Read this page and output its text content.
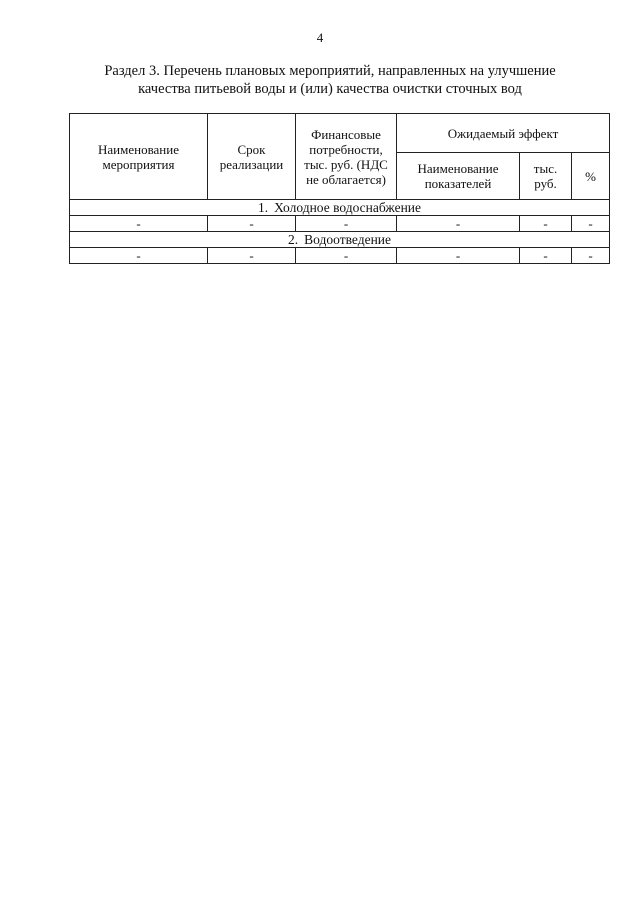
4
Раздел 3. Перечень плановых мероприятий, направленных на улучшение
качества питьевой воды и (или) качества очистки сточных вод
Наименование мероприятия	Срок реализации	Финансовые потребности, тыс. руб. (НДС не облагается)	Ожидаемый эффект		
			Наименование показателей	тыс. руб.	%
1. Холодное водоснабжение					
-	-	-	-	-	-
2. Водоотведение					
-	-	-	-	-	-
